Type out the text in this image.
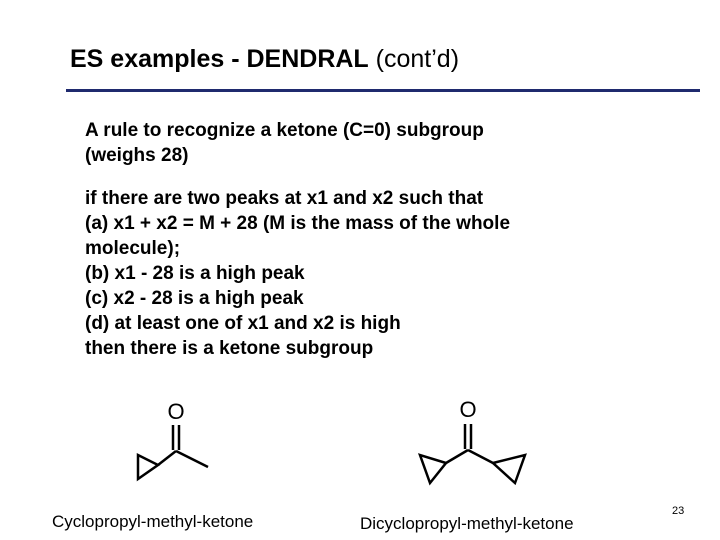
ES examples - DENDRAL (cont’d)
A rule to recognize a ketone (C=0) subgroup
(weighs 28)
if there are two peaks at x1 and x2 such that
(a) x1 + x2 = M + 28 (M is the mass of the whole
molecule);
(b) x1 - 28 is a high peak
(c) x2 - 28 is a high peak
(d) at least one of x1 and x2 is high
then there is a ketone subgroup
O	O
Cyclopropyl-methyl-ketone	Dicyclopropyl-methyl-ketone
23
